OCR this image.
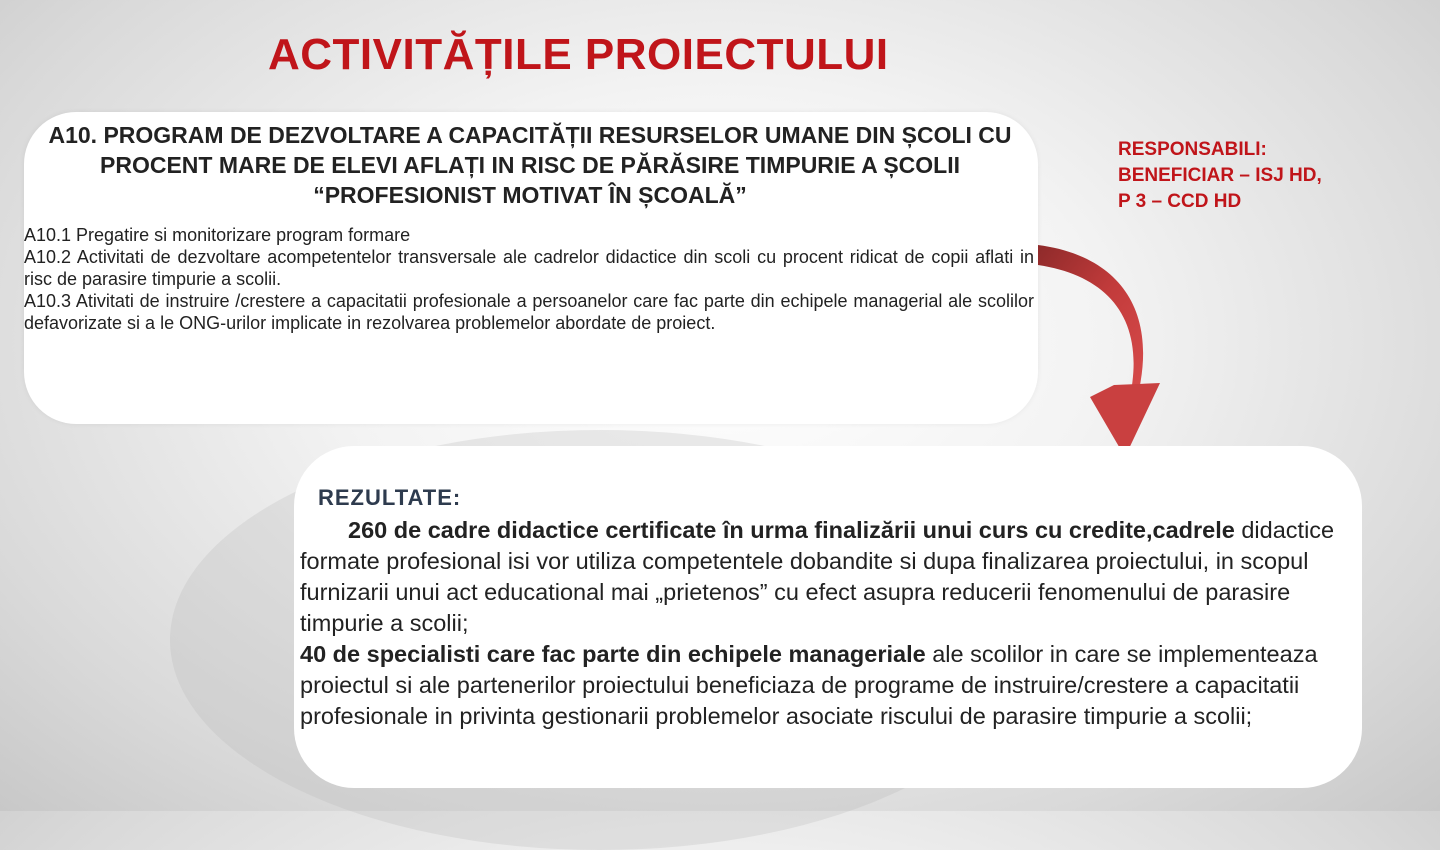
ACTIVITĂȚILE PROIECTULUI
A10. PROGRAM DE DEZVOLTARE A CAPACITĂȚII RESURSELOR UMANE DIN ȘCOLI CU PROCENT MARE DE ELEVI AFLAȚI IN RISC DE PĂRĂSIRE TIMPURIE A ȘCOLII “PROFESIONIST MOTIVAT ÎN ȘCOALĂ”

A10.1 Pregatire si monitorizare program formare

A10.2 Activitati de dezvoltare acompetentelor transversale ale cadrelor didactice din scoli cu procent ridicat de copii aflati in risc de parasire timpurie a scolii.

A10.3 Ativitati de instruire /crestere a capacitatii profesionale a persoanelor care fac parte din echipele managerial ale scolilor defavorizate si a le ONG-urilor implicate in rezolvarea problemelor abordate de proiect.

RESPONSABILI:
BENEFICIAR – ISJ HD,
P 3 – CCD HD
REZULTATE:

260 de cadre didactice certificate în urma finalizării unui curs cu credite,cadrele didactice formate profesional isi vor utiliza competentele dobandite si dupa finalizarea proiectului, in scopul furnizarii unui act educational mai „prietenos” cu efect asupra reducerii fenomenului de parasire timpurie a scolii;

40 de specialisti care fac parte din echipele manageriale ale scolilor in care se implementeaza proiectul si ale partenerilor proiectului beneficiaza de programe de instruire/crestere a capacitatii profesionale in privinta gestionarii problemelor asociate riscului de parasire timpurie a scolii;
